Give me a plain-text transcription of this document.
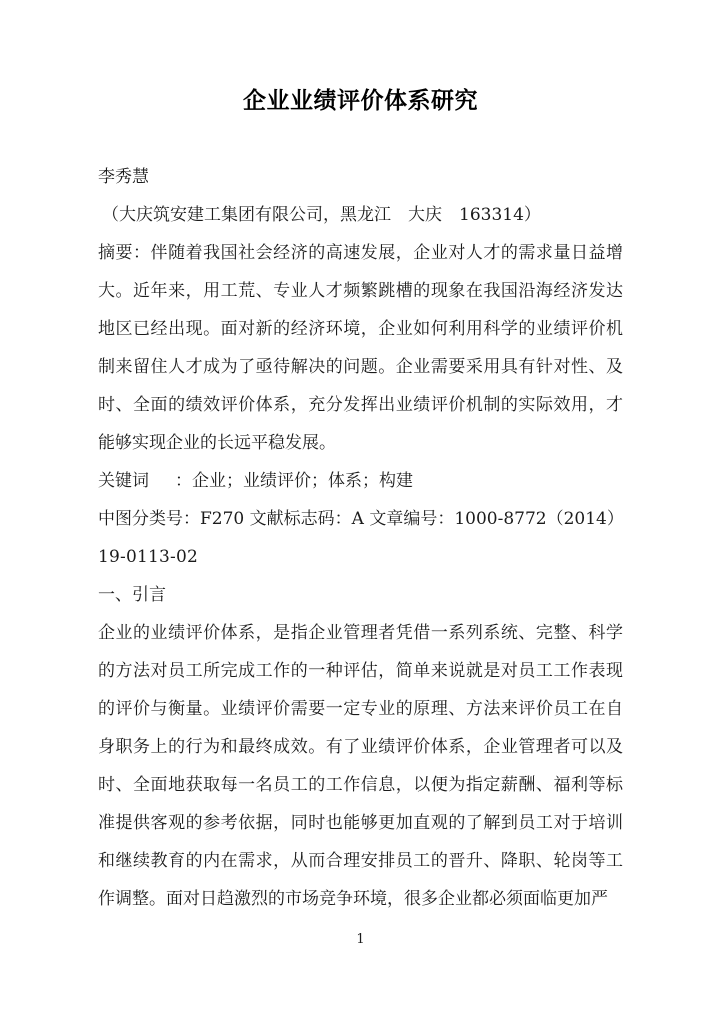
企业业绩评价体系研究

李秀慧

（大庆筑安建工集团有限公司，黑龙江　大庆　163314）

摘要：伴随着我国社会经济的高速发展，企业对人才的需求量日益增大。近年来，用工荒、专业人才频繁跳槽的现象在我国沿海经济发达地区已经出现。面对新的经济环境，企业如何利用科学的业绩评价机制来留住人才成为了亟待解决的问题。企业需要采用具有针对性、及时、全面的绩效评价体系，充分发挥出业绩评价机制的实际效用，才能够实现企业的长远平稳发展。

关键词 ：企业；业绩评价；体系；构建

中图分类号：F270 文献标志码：A 文章编号：1000-8772（2014）

19-0113-02

一、引言

企业的业绩评价体系，是指企业管理者凭借一系列系统、完整、科学的方法对员工所完成工作的一种评估，简单来说就是对员工工作表现的评价与衡量。业绩评价需要一定专业的原理、方法来评价员工在自身职务上的行为和最终成效。有了业绩评价体系，企业管理者可以及时、全面地获取每一名员工的工作信息，以便为指定薪酬、福利等标准提供客观的参考依据，同时也能够更加直观的了解到员工对于培训和继续教育的内在需求，从而合理安排员工的晋升、降职、轮岗等工作调整。面对日趋激烈的市场竞争环境，很多企业都必须面临更加严

1
